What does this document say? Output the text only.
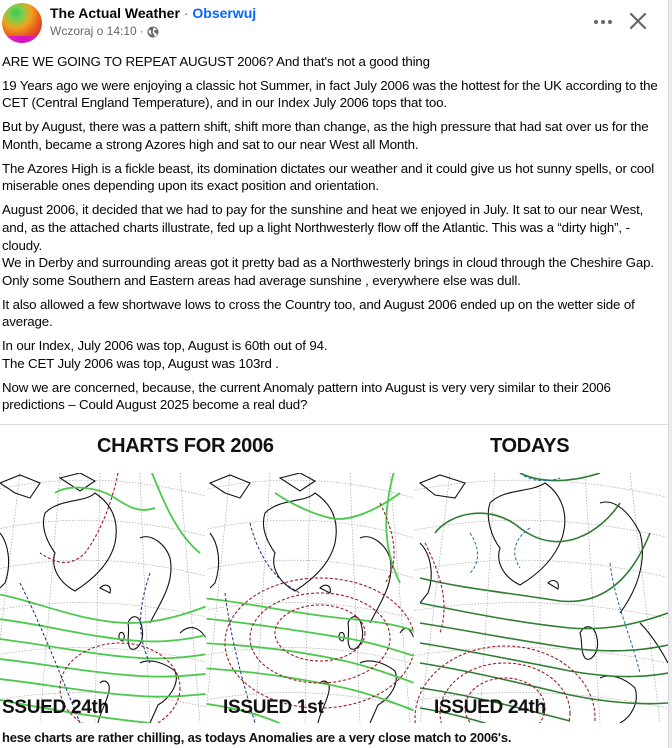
The Actual Weather · Obserwuj
Wczoraj o 14:10 ·

ARE WE GOING TO REPEAT AUGUST 2006? And that's not a good thing

19 Years ago we were enjoying a classic hot Summer, in fact July 2006 was the hottest for the UK according to the CET (Central England Temperature), and in our Index July 2006 tops that too.

But by August, there was a pattern shift, shift more than change, as the high pressure that had sat over us for the Month, became a strong Azores high and sat to our near West all Month.

The Azores High is a fickle beast, its domination dictates our weather and it could give us hot sunny spells, or cool miserable ones depending upon its exact position and orientation.

August 2006, it decided that we had to pay for the sunshine and heat we enjoyed in July. It sat to our near West, and, as the attached charts illustrate, fed up a light Northwesterly flow off the Atlantic. This was a “dirty high”, - cloudy.

We in Derby and surrounding areas got it pretty bad as a Northwesterly brings in cloud through the Cheshire Gap. Only some Southern and Eastern areas had average sunshine , everywhere else was dull.

It also allowed a few shortwave lows to cross the Country too, and August 2006 ended up on the wetter side of average.

In our Index, July 2006 was top, August is 60th out of 94.

The CET July 2006 was top, August was 103rd .

Now we are concerned, because, the current Anomaly pattern into August is very very similar to their 2006 predictions – Could August 2025 become a real dud?

CHARTS FOR 2006	TODAYS
SSUED 24th	ISSUED 1st	ISSUED 24th
hese charts are rather chilling, as todays Anomalies are a very close match to 2006's.
